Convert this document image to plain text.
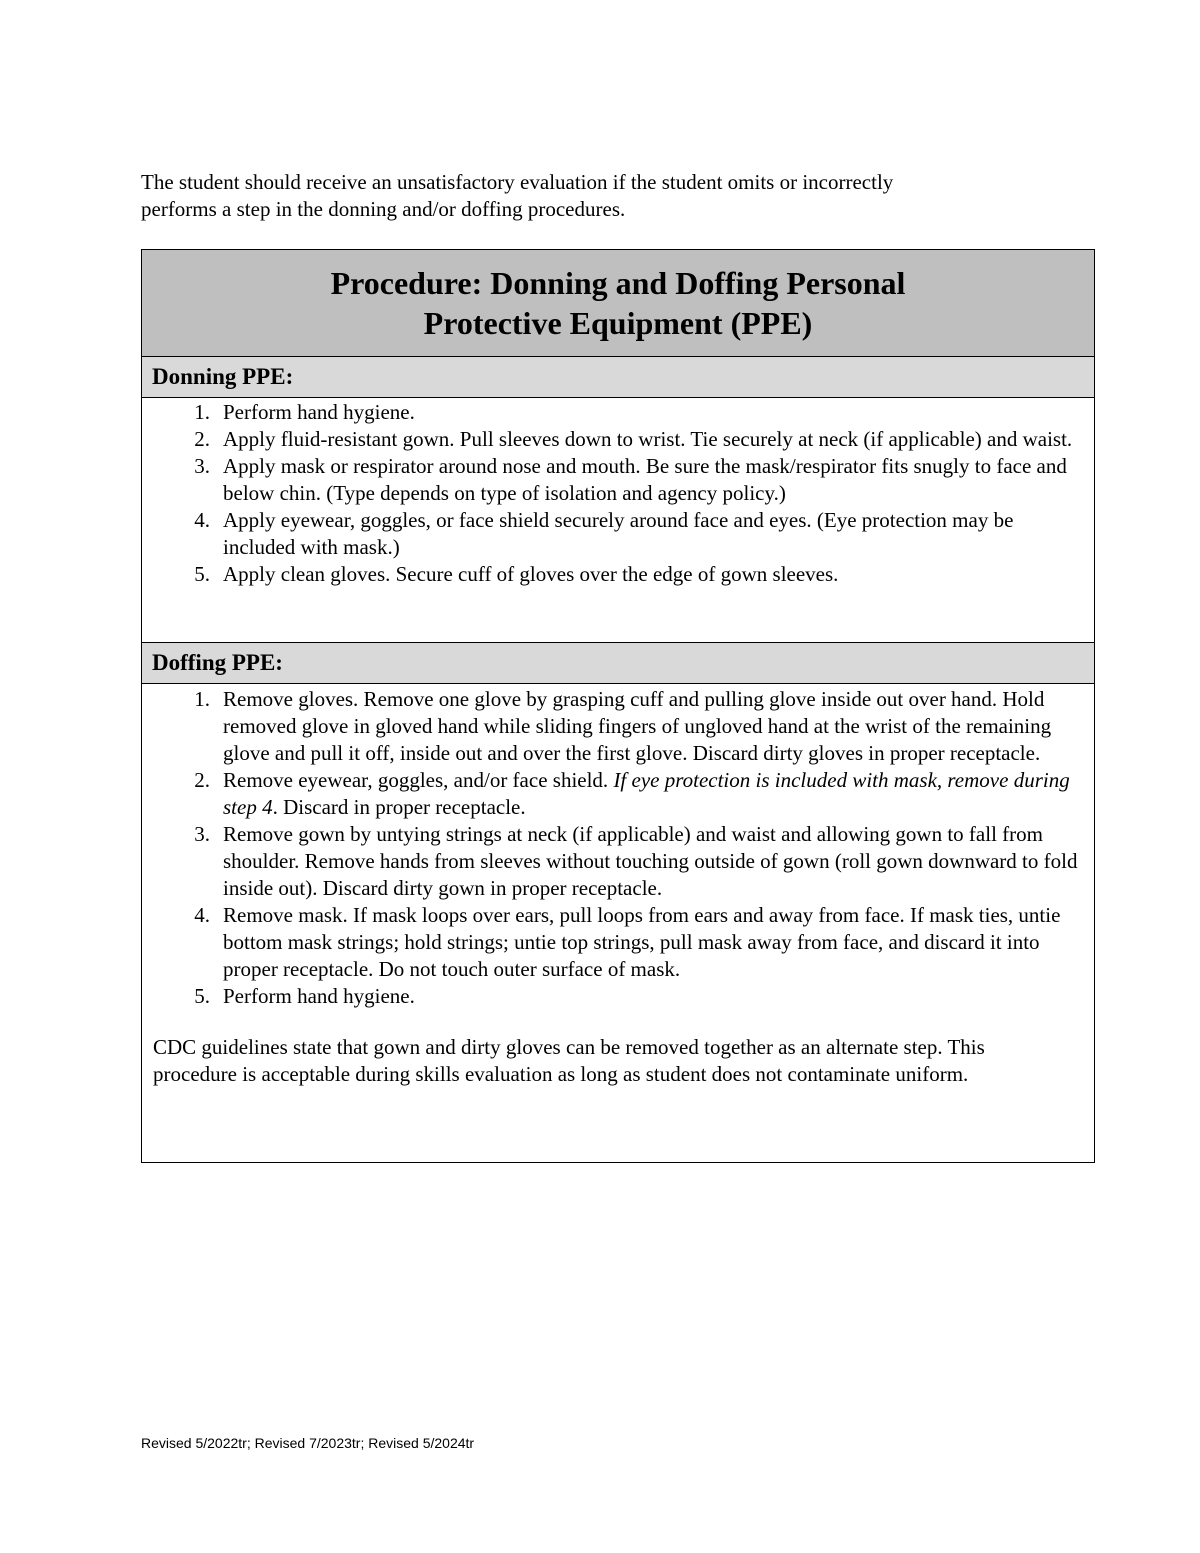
The student should receive an unsatisfactory evaluation if the student omits or incorrectly
performs a step in the donning and/or doffing procedures.

Procedure: Donning and Doffing Personal
Protective Equipment (PPE)

Donning PPE:

1. Perform hand hygiene.
2. Apply fluid-resistant gown. Pull sleeves down to wrist. Tie securely at neck (if applicable) and waist.
3. Apply mask or respirator around nose and mouth. Be sure the mask/respirator fits snugly to face and below chin. (Type depends on type of isolation and agency policy.)
4. Apply eyewear, goggles, or face shield securely around face and eyes. (Eye protection may be included with mask.)
5. Apply clean gloves. Secure cuff of gloves over the edge of gown sleeves.

Doffing PPE:

1. Remove gloves. Remove one glove by grasping cuff and pulling glove inside out over hand. Hold removed glove in gloved hand while sliding fingers of ungloved hand at the wrist of the remaining glove and pull it off, inside out and over the first glove. Discard dirty gloves in proper receptacle.
2. Remove eyewear, goggles, and/or face shield. If eye protection is included with mask, remove during step 4. Discard in proper receptacle.
3. Remove gown by untying strings at neck (if applicable) and waist and allowing gown to fall from shoulder. Remove hands from sleeves without touching outside of gown (roll gown downward to fold inside out). Discard dirty gown in proper receptacle.
4. Remove mask. If mask loops over ears, pull loops from ears and away from face. If mask ties, untie bottom mask strings; hold strings; untie top strings, pull mask away from face, and discard it into proper receptacle. Do not touch outer surface of mask.
5. Perform hand hygiene.

CDC guidelines state that gown and dirty gloves can be removed together as an alternate step. This procedure is acceptable during skills evaluation as long as student does not contaminate uniform.

Revised 5/2022tr; Revised 7/2023tr; Revised 5/2024tr
